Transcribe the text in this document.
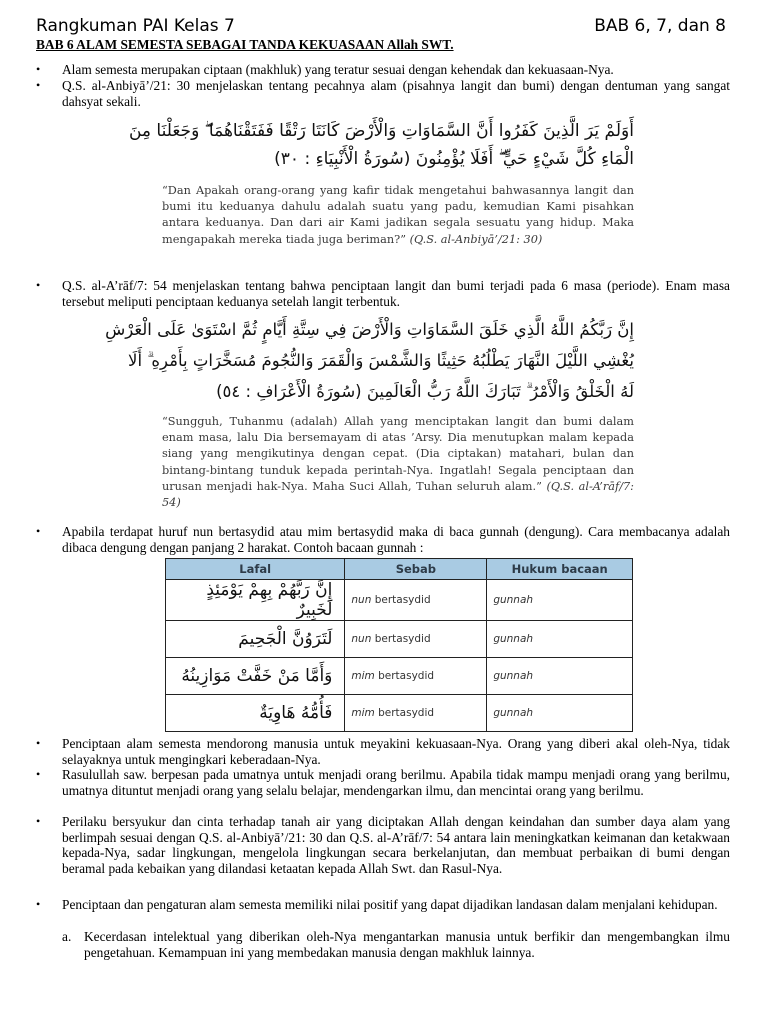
Rangkuman PAI Kelas 7	BAB 6, 7, dan 8
BAB 6 ALAM SEMESTA SEBAGAI TANDA KEKUASAAN Allah SWT.
• Alam semesta merupakan ciptaan (makhluk) yang teratur sesuai dengan kehendak dan kekuasaan-Nya.
• Q.S. al-Anbiyā’/21: 30 menjelaskan tentang pecahnya alam (pisahnya langit dan bumi) dengan dentuman yang sangat dahsyat sekali.
أَوَلَمْ يَرَ الَّذِينَ كَفَرُوا أَنَّ السَّمَاوَاتِ وَالْأَرْضَ كَانَتَا رَتْقًا فَفَتَقْنَاهُمَا ۖ وَجَعَلْنَا مِنَ
الْمَاءِ كُلَّ شَيْءٍ حَيٍّ ۖ أَفَلَا يُؤْمِنُونَ (سُورَةُ الْأَنْبِيَاءِ : ٣٠)
“Dan Apakah orang-orang yang kafir tidak mengetahui bahwasannya langit dan bumi itu keduanya dahulu adalah suatu yang padu, kemudian Kami pisahkan antara keduanya. Dan dari air Kami jadikan segala sesuatu yang hidup. Maka mengapakah mereka tiada juga beriman?” (Q.S. al-Anbiyā’/21: 30)
• Q.S. al-A’rāf/7: 54 menjelaskan tentang bahwa penciptaan langit dan bumi terjadi pada 6 masa (periode). Enam masa tersebut meliputi penciptaan keduanya setelah langit terbentuk.
إِنَّ رَبَّكُمُ اللَّهُ الَّذِي خَلَقَ السَّمَاوَاتِ وَالْأَرْضَ فِي سِتَّةِ أَيَّامٍ ثُمَّ اسْتَوَىٰ عَلَى الْعَرْشِ
يُغْشِي اللَّيْلَ النَّهَارَ يَطْلُبُهُ حَثِيثًا وَالشَّمْسَ وَالْقَمَرَ وَالنُّجُومَ مُسَخَّرَاتٍ بِأَمْرِهِ ۗ أَلَا
لَهُ الْخَلْقُ وَالْأَمْرُ ۗ تَبَارَكَ اللَّهُ رَبُّ الْعَالَمِينَ (سُورَةُ الْأَعْرَافِ : ٥٤)
“Sungguh, Tuhanmu (adalah) Allah yang menciptakan langit dan bumi dalam enam masa, lalu Dia bersemayam di atas ’Arsy. Dia menutupkan malam kepada siang yang mengikutinya dengan cepat. (Dia ciptakan) matahari, bulan dan bintang-bintang tunduk kepada perintah-Nya. Ingatlah! Segala penciptaan dan urusan menjadi hak-Nya. Maha Suci Allah, Tuhan seluruh alam.” (Q.S. al-A’rāf/7: 54)
• Apabila terdapat huruf nun bertasydid atau mim bertasydid maka di baca gunnah (dengung). Cara membacanya adalah dibaca dengung dengan panjang 2 harakat. Contoh bacaan gunnah :
Lafal	Sebab	Hukum bacaan
إِنَّ رَبَّهُمْ بِهِمْ يَوْمَئِذٍ لَخَبِيرٌ	nun bertasydid	gunnah
لَتَرَوُنَّ الْجَحِيمَ	nun bertasydid	gunnah
وَأَمَّا مَنْ خَفَّتْ مَوَازِينُهُ	mim bertasydid	gunnah
فَأُمُّهُ هَاوِيَةٌ	mim bertasydid	gunnah
• Penciptaan alam semesta mendorong manusia untuk meyakini kekuasaan-Nya. Orang yang diberi akal oleh-Nya, tidak selayaknya untuk mengingkari keberadaan-Nya.
• Rasulullah saw. berpesan pada umatnya untuk menjadi orang berilmu. Apabila tidak mampu menjadi orang yang berilmu, umatnya dituntut menjadi orang yang selalu belajar, mendengarkan ilmu, dan mencintai orang yang berilmu.
• Perilaku bersyukur dan cinta terhadap tanah air yang diciptakan Allah dengan keindahan dan sumber daya alam yang berlimpah sesuai dengan Q.S. al-Anbiyā’/21: 30 dan Q.S. al-A’rāf/7: 54 antara lain meningkatkan keimanan dan ketakwaan kepada-Nya, sadar lingkungan, mengelola lingkungan secara berkelanjutan, dan membuat perbaikan di bumi dengan beramal pada kebaikan yang dilandasi ketaatan kepada Allah Swt. dan Rasul-Nya.
• Penciptaan dan pengaturan alam semesta memiliki nilai positif yang dapat dijadikan landasan dalam menjalani kehidupan.
a. Kecerdasan intelektual yang diberikan oleh-Nya mengantarkan manusia untuk berfikir dan mengembangkan ilmu pengetahuan. Kemampuan ini yang membedakan manusia dengan makhluk lainnya.
